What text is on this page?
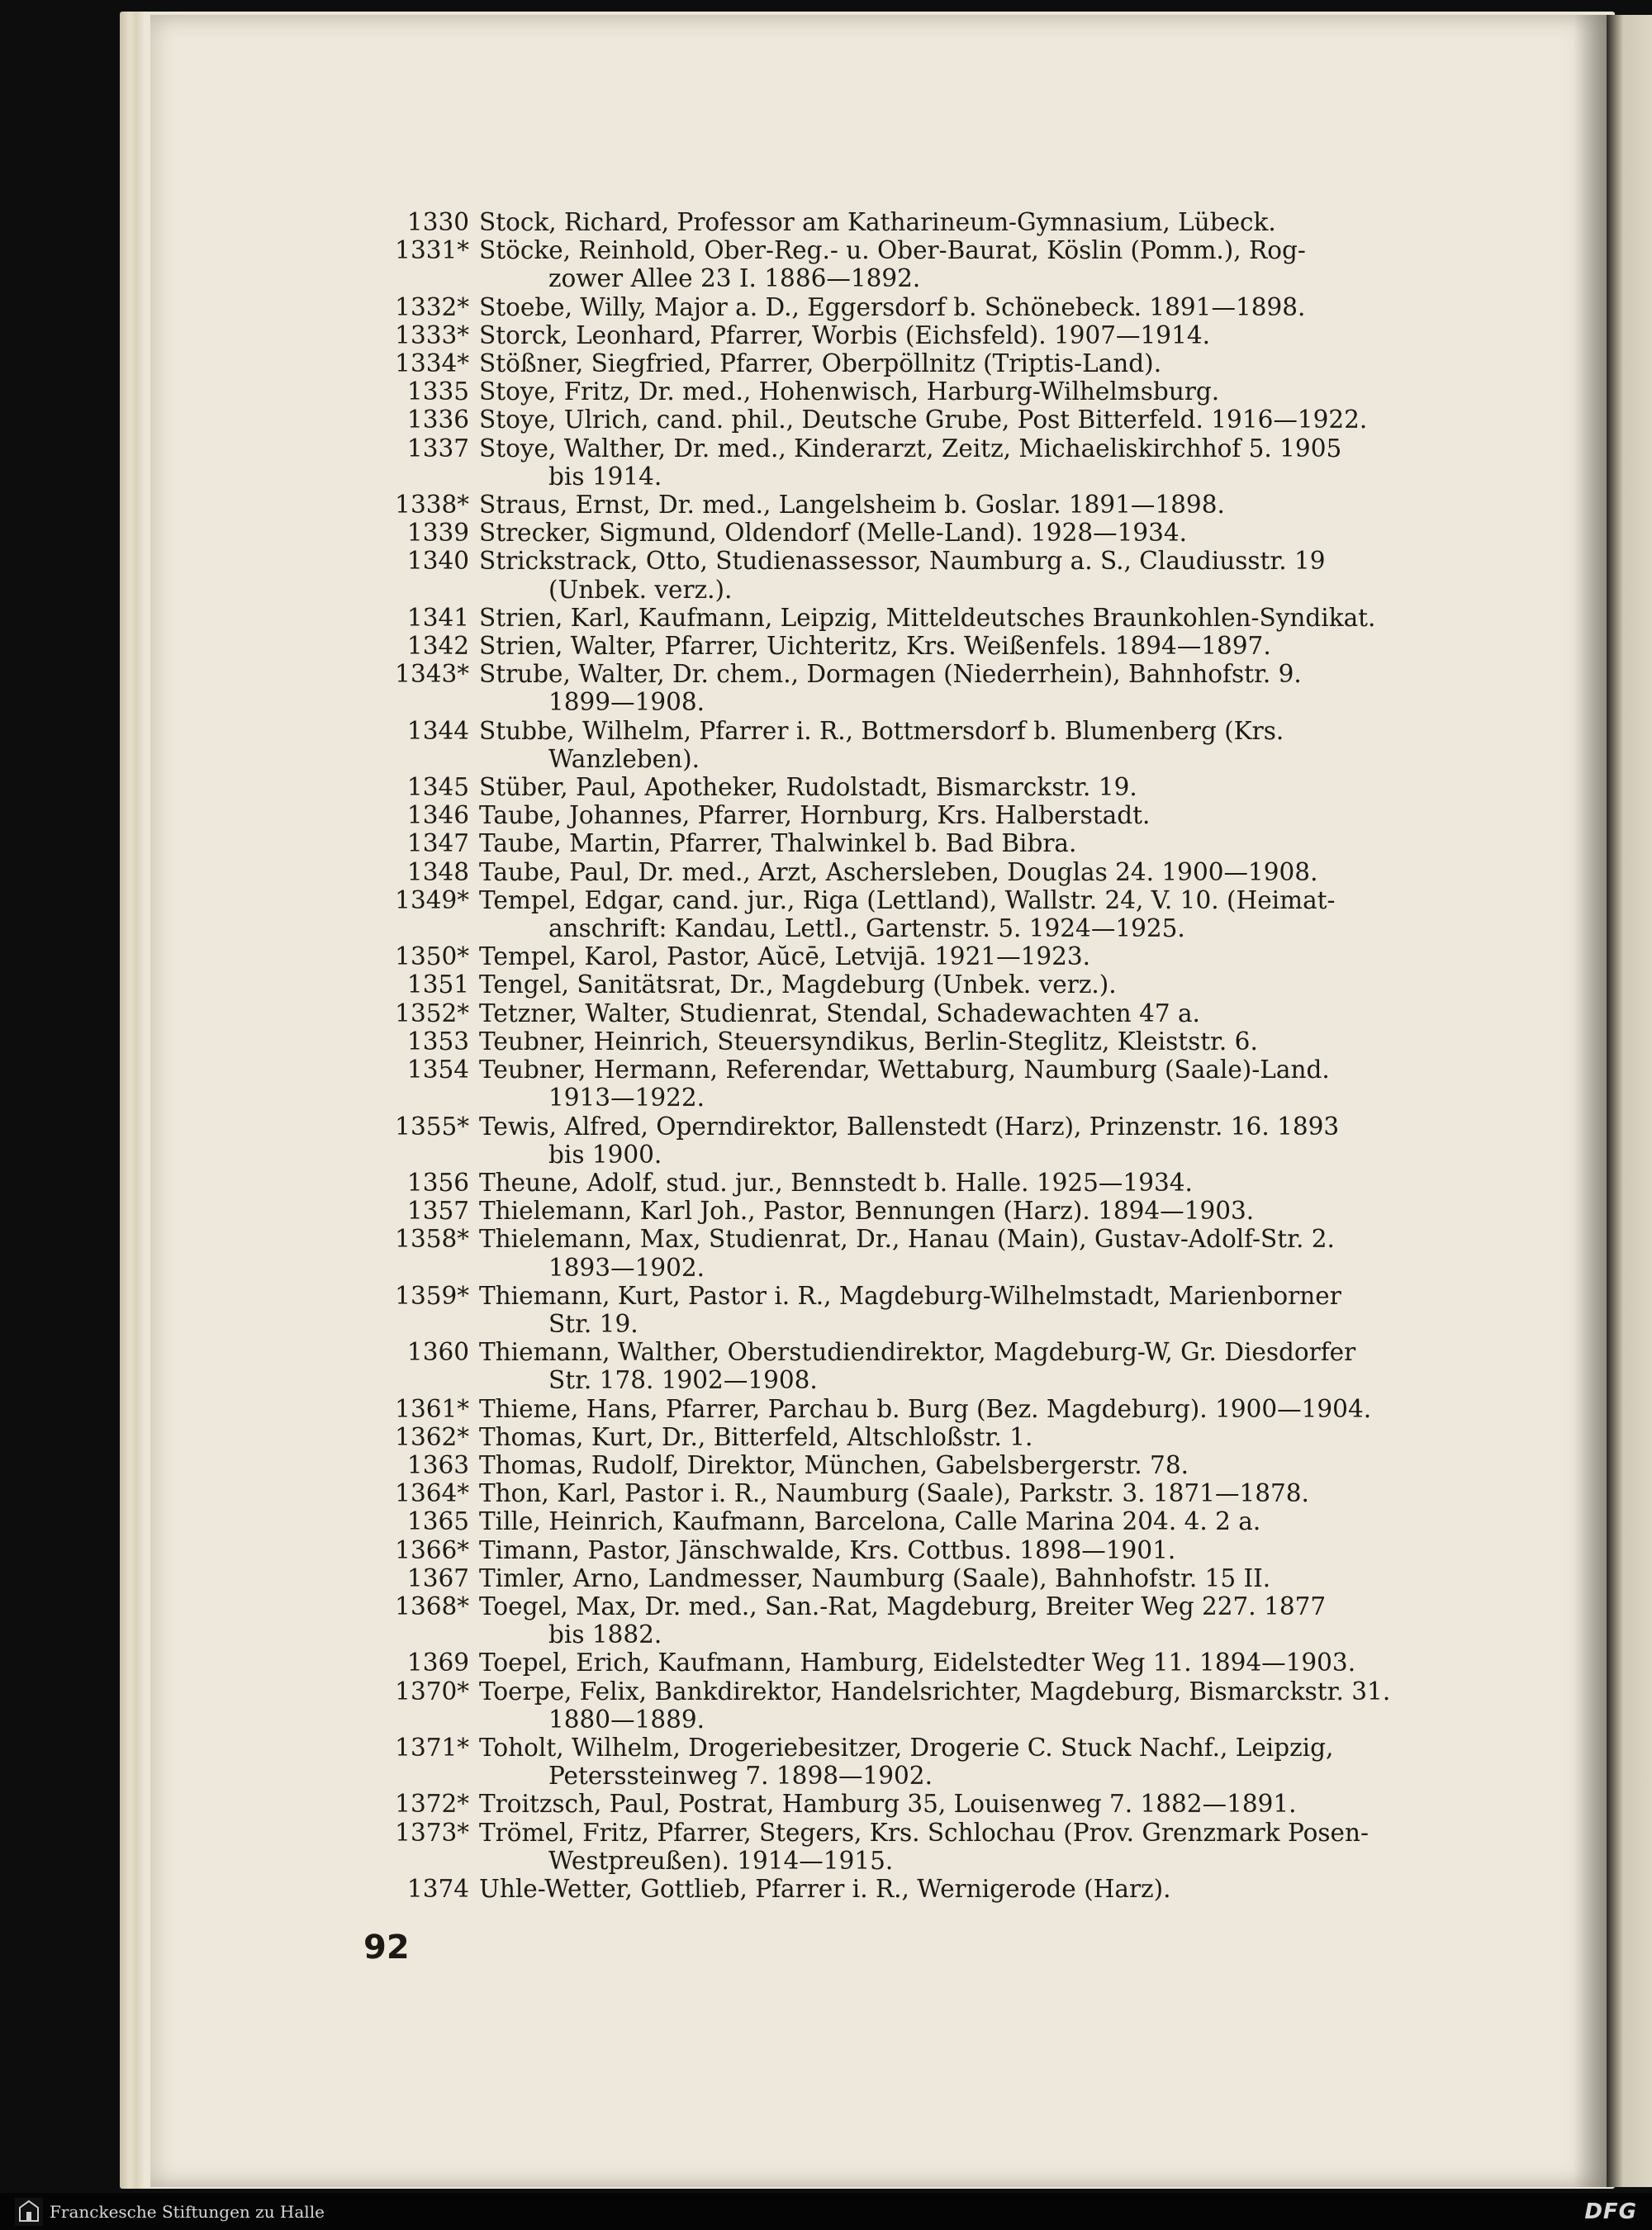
1330 Stock, Richard, Professor am Katharineum-Gymnasium, Lübeck.
1331* Stöcke, Reinhold, Ober-Reg.- u. Ober-Baurat, Köslin (Pomm.), Rog-
zower Allee 23 I. 1886—1892.
1332* Stoebe, Willy, Major a. D., Eggersdorf b. Schönebeck. 1891—1898.
1333* Storck, Leonhard, Pfarrer, Worbis (Eichsfeld). 1907—1914.
1334* Stößner, Siegfried, Pfarrer, Oberpöllnitz (Triptis-Land).
1335 Stoye, Fritz, Dr. med., Hohenwisch, Harburg-Wilhelmsburg.
1336 Stoye, Ulrich, cand. phil., Deutsche Grube, Post Bitterfeld. 1916—1922.
1337 Stoye, Walther, Dr. med., Kinderarzt, Zeitz, Michaeliskirchhof 5. 1905
bis 1914.
1338* Straus, Ernst, Dr. med., Langelsheim b. Goslar. 1891—1898.
1339 Strecker, Sigmund, Oldendorf (Melle-Land). 1928—1934.
1340 Strickstrack, Otto, Studienassessor, Naumburg a. S., Claudiusstr. 19
(Unbek. verz.).
1341 Strien, Karl, Kaufmann, Leipzig, Mitteldeutsches Braunkohlen-Syndikat.
1342 Strien, Walter, Pfarrer, Uichteritz, Krs. Weißenfels. 1894—1897.
1343* Strube, Walter, Dr. chem., Dormagen (Niederrhein), Bahnhofstr. 9.
1899—1908.
1344 Stubbe, Wilhelm, Pfarrer i. R., Bottmersdorf b. Blumenberg (Krs.
Wanzleben).
1345 Stüber, Paul, Apotheker, Rudolstadt, Bismarckstr. 19.
1346 Taube, Johannes, Pfarrer, Hornburg, Krs. Halberstadt.
1347 Taube, Martin, Pfarrer, Thalwinkel b. Bad Bibra.
1348 Taube, Paul, Dr. med., Arzt, Aschersleben, Douglas 24. 1900—1908.
1349* Tempel, Edgar, cand. jur., Riga (Lettland), Wallstr. 24, V. 10. (Heimat-
anschrift: Kandau, Lettl., Gartenstr. 5. 1924—1925.
1350* Tempel, Karol, Pastor, Aŭcē, Letvijā. 1921—1923.
1351 Tengel, Sanitätsrat, Dr., Magdeburg (Unbek. verz.).
1352* Tetzner, Walter, Studienrat, Stendal, Schadewachten 47 a.
1353 Teubner, Heinrich, Steuersyndikus, Berlin-Steglitz, Kleiststr. 6.
1354 Teubner, Hermann, Referendar, Wettaburg, Naumburg (Saale)-Land.
1913—1922.
1355* Tewis, Alfred, Operndirektor, Ballenstedt (Harz), Prinzenstr. 16. 1893
bis 1900.
1356 Theune, Adolf, stud. jur., Bennstedt b. Halle. 1925—1934.
1357 Thielemann, Karl Joh., Pastor, Bennungen (Harz). 1894—1903.
1358* Thielemann, Max, Studienrat, Dr., Hanau (Main), Gustav-Adolf-Str. 2.
1893—1902.
1359* Thiemann, Kurt, Pastor i. R., Magdeburg-Wilhelmstadt, Marienborner
Str. 19.
1360 Thiemann, Walther, Oberstudiendirektor, Magdeburg-W, Gr. Diesdorfer
Str. 178. 1902—1908.
1361* Thieme, Hans, Pfarrer, Parchau b. Burg (Bez. Magdeburg). 1900—1904.
1362* Thomas, Kurt, Dr., Bitterfeld, Altschloßstr. 1.
1363 Thomas, Rudolf, Direktor, München, Gabelsbergerstr. 78.
1364* Thon, Karl, Pastor i. R., Naumburg (Saale), Parkstr. 3. 1871—1878.
1365 Tille, Heinrich, Kaufmann, Barcelona, Calle Marina 204. 4. 2 a.
1366* Timann, Pastor, Jänschwalde, Krs. Cottbus. 1898—1901.
1367 Timler, Arno, Landmesser, Naumburg (Saale), Bahnhofstr. 15 II.
1368* Toegel, Max, Dr. med., San.-Rat, Magdeburg, Breiter Weg 227. 1877
bis 1882.
1369 Toepel, Erich, Kaufmann, Hamburg, Eidelstedter Weg 11. 1894—1903.
1370* Toerpe, Felix, Bankdirektor, Handelsrichter, Magdeburg, Bismarckstr. 31.
1880—1889.
1371* Toholt, Wilhelm, Drogeriebesitzer, Drogerie C. Stuck Nachf., Leipzig,
Peterssteinweg 7. 1898—1902.
1372* Troitzsch, Paul, Postrat, Hamburg 35, Louisenweg 7. 1882—1891.
1373* Trömel, Fritz, Pfarrer, Stegers, Krs. Schlochau (Prov. Grenzmark Posen-
Westpreußen). 1914—1915.
1374 Uhle-Wetter, Gottlieb, Pfarrer i. R., Wernigerode (Harz).
92
Franckesche Stiftungen zu Halle	DFG
